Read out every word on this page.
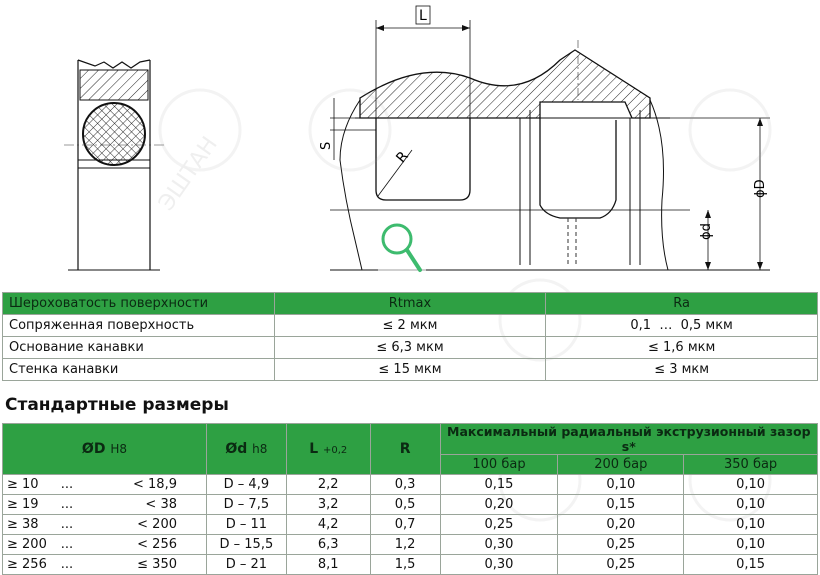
L
S
R
ϕD
ϕd
ЭШТАН
Шероховатость поверхности	Rtmax	Ra
Сопряженная поверхность	≤ 2 мкм	0,1  …  0,5 мкм
Основание канавки	≤ 6,3 мкм	≤ 1,6 мкм
Стенка канавки	≤ 15 мкм	≤ 3 мкм
Стандартные размеры
ØD H8	Ød h8	L +0,2	R	Максимальный радиальный экструзионный зазор s*		
				100 бар	200 бар	350 бар
≥ 10 ... < 18,9	D – 4,9	2,2	0,3	0,15	0,10	0,10
≥ 19 ... < 38	D – 7,5	3,2	0,5	0,20	0,15	0,10
≥ 38 ... < 200	D – 11	4,2	0,7	0,25	0,20	0,10
≥ 200 ... < 256	D – 15,5	6,3	1,2	0,30	0,25	0,10
≥ 256 ... ≤ 350	D – 21	8,1	1,5	0,30	0,25	0,15
